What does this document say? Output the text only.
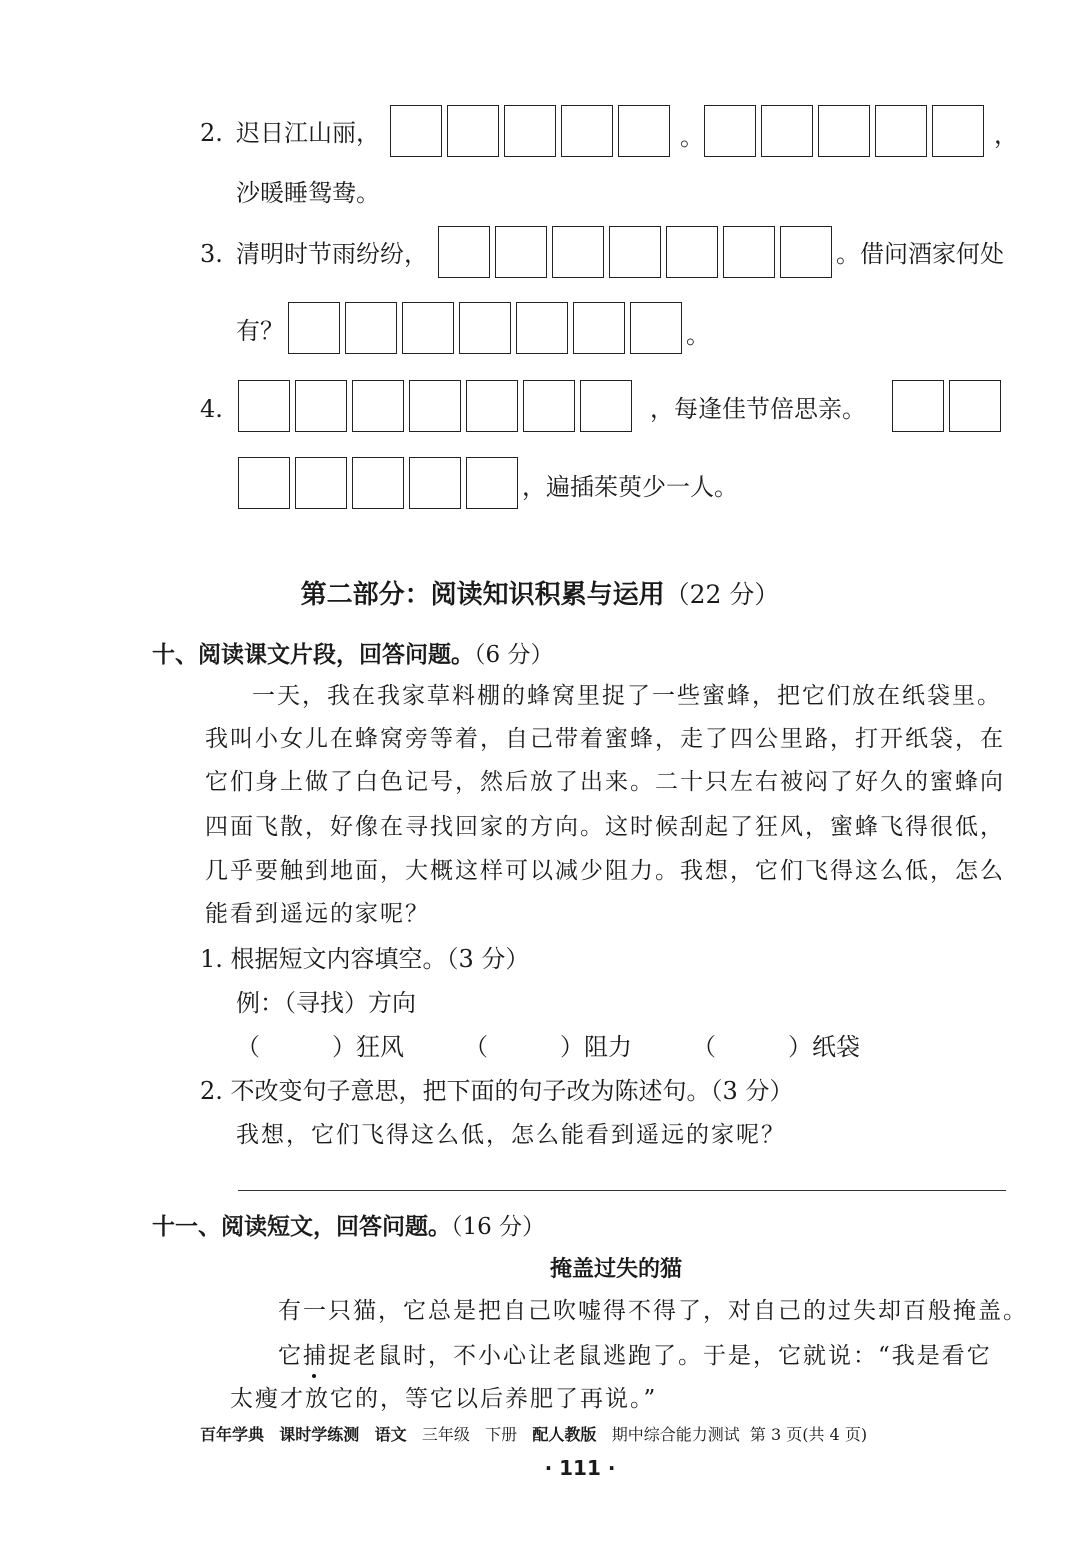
2. 迟日江山丽，	。	，
沙暖睡鸳鸯。
3. 清明时节雨纷纷，	。借问酒家何处
有？	。
4.	，每逢佳节倍思亲。
，遍插茱萸少一人。
第二部分：阅读知识积累与运用（22 分）
十、阅读课文片段，回答问题。（6 分）
一天，我在我家草料棚的蜂窝里捉了一些蜜蜂，把它们放在纸袋里。
我叫小女儿在蜂窝旁等着，自己带着蜜蜂，走了四公里路，打开纸袋，在
它们身上做了白色记号，然后放了出来。二十只左右被闷了好久的蜜蜂向
四面飞散，好像在寻找回家的方向。这时候刮起了狂风，蜜蜂飞得很低，
几乎要触到地面，大概这样可以减少阻力。我想，它们飞得这么低，怎么
能看到遥远的家呢？
1. 根据短文内容填空。（3 分）
例：（寻找）方向
（　　　）狂风	（　　　）阻力	（　　　）纸袋
2. 不改变句子意思，把下面的句子改为陈述句。（3 分）
我想，它们飞得这么低，怎么能看到遥远的家呢？
十一、阅读短文，回答问题。（16 分）
掩盖过失的猫
有一只猫，它总是把自己吹嘘得不得了，对自己的过失却百般掩盖。
它捕捉老鼠时，不小心让老鼠逃跑了。于是，它就说：“我是看它
太瘦才放它的，等它以后养肥了再说。”
百年学典 课时学练测 语文 三年级 下册 配人教版 期中综合能力测试 第 3 页(共 4 页)
· 111 ·
